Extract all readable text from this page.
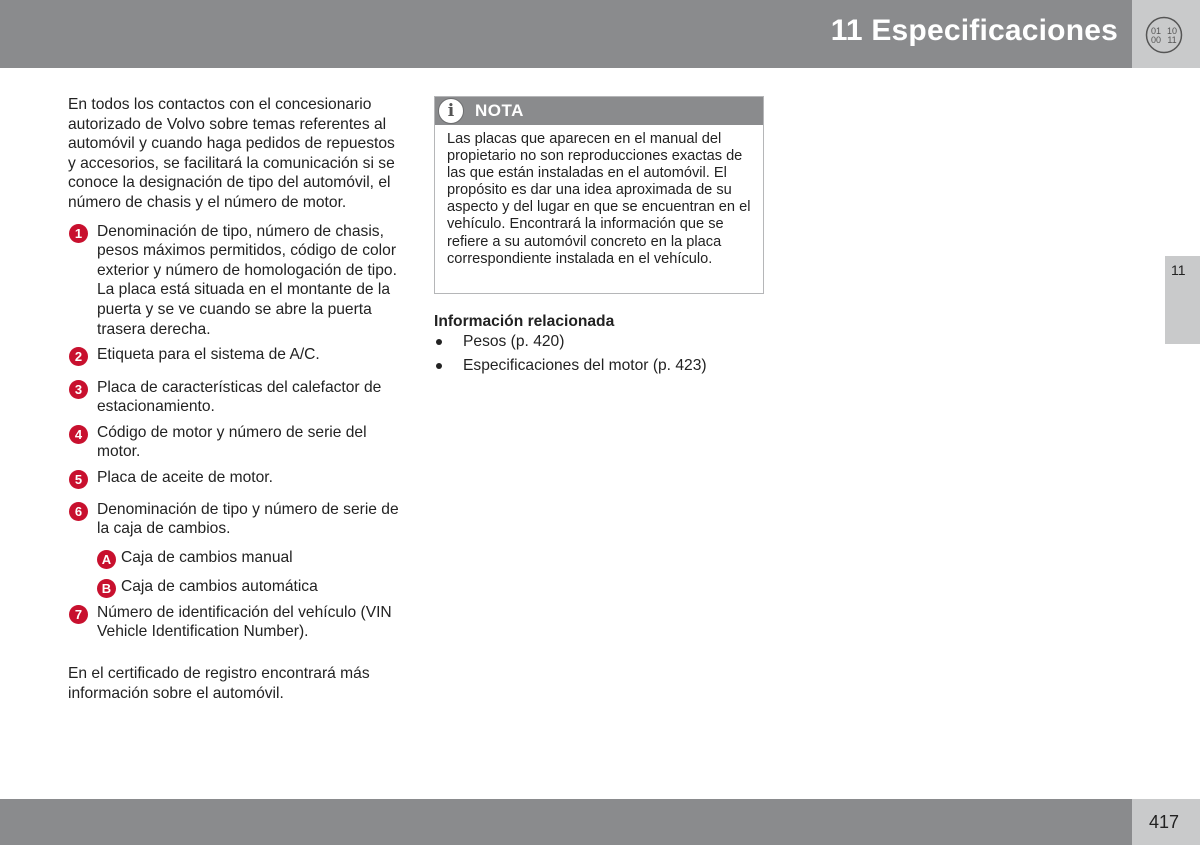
11 Especificaciones	01 10
00 11
11

En todos los contactos con el concesionario autorizado de Volvo sobre temas referentes al automóvil y cuando haga pedidos de repuestos y accesorios, se facilitará la comunicación si se conoce la designación de tipo del automóvil, el número de chasis y el número de motor.

1 Denominación de tipo, número de chasis, pesos máximos permitidos, código de color exterior y número de homologación de tipo. La placa está situada en el montante de la puerta y se ve cuando se abre la puerta trasera derecha.
2 Etiqueta para el sistema de A/C.
3 Placa de características del calefactor de estacionamiento.
4 Código de motor y número de serie del motor.
5 Placa de aceite de motor.
6 Denominación de tipo y número de serie de la caja de cambios.
A Caja de cambios manual
B Caja de cambios automática
7 Número de identificación del vehículo (VIN Vehicle Identification Number).

En el certificado de registro encontrará más información sobre el automóvil.

i	NOTA

Las placas que aparecen en el manual del propietario no son reproducciones exactas de las que están instaladas en el automóvil. El propósito es dar una idea aproximada de su aspecto y del lugar en que se encuentran en el vehículo. Encontrará la información que se refiere a su automóvil concreto en la placa correspondiente instalada en el vehículo.

Información relacionada
Pesos (p. 420)
Especificaciones del motor (p. 423)
417
